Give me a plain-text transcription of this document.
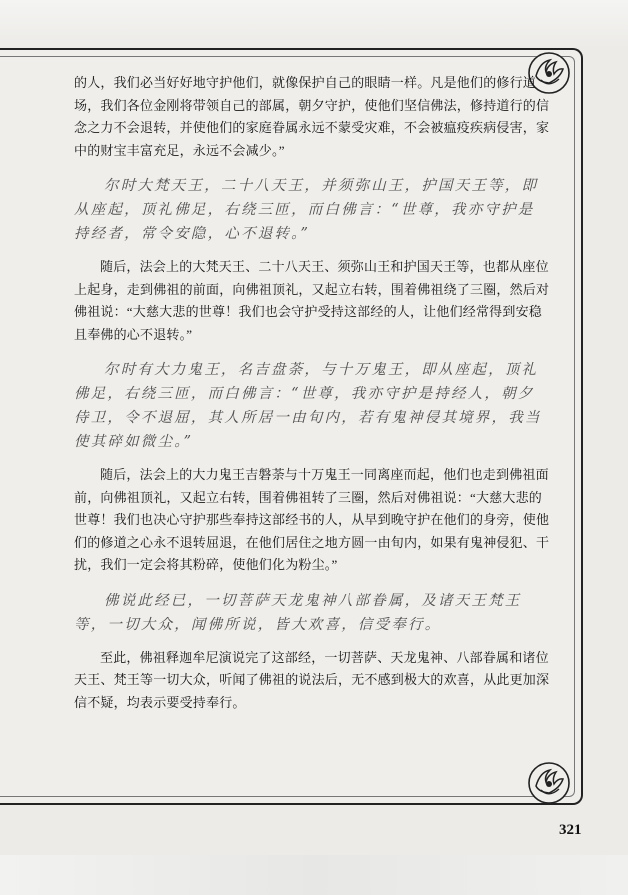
的人，我们必当好好地守护他们，就像保护自己的眼睛一样。凡是他们的修行道场，我们各位金刚将带领自己的部属，朝夕守护，使他们坚信佛法，修持道行的信念之力不会退转，并使他们的家庭眷属永远不蒙受灾难，不会被瘟疫疾病侵害，家中的财宝丰富充足，永远不会减少。”

尔时大梵天王，二十八天王，并须弥山王，护国天王等，即从座起，顶礼佛足，右绕三匝，而白佛言：“世尊，我亦守护是持经者，常令安隐，心不退转。”

随后，法会上的大梵天王、二十八天王、须弥山王和护国天王等，也都从座位上起身，走到佛祖的前面，向佛祖顶礼，又起立右转，围着佛祖绕了三圈，然后对佛祖说：“大慈大悲的世尊！我们也会守护受持这部经的人，让他们经常得到安稳且奉佛的心不退转。”

尔时有大力鬼王，名吉盘荼，与十万鬼王，即从座起，顶礼佛足，右绕三匝，而白佛言：“世尊，我亦守护是持经人，朝夕侍卫，令不退屈，其人所居一由旬内，若有鬼神侵其境界，我当使其碎如微尘。”

随后，法会上的大力鬼王吉磐荼与十万鬼王一同离座而起，他们也走到佛祖面前，向佛祖顶礼，又起立右转，围着佛祖转了三圈，然后对佛祖说：“大慈大悲的世尊！我们也决心守护那些奉持这部经书的人，从早到晚守护在他们的身旁，使他们的修道之心永不退转屈退，在他们居住之地方圆一由旬内，如果有鬼神侵犯、干扰，我们一定会将其粉碎，使他们化为粉尘。”

佛说此经已，一切菩萨天龙鬼神八部眷属，及诸天王梵王等，一切大众，闻佛所说，皆大欢喜，信受奉行。

至此，佛祖释迦牟尼演说完了这部经，一切菩萨、天龙鬼神、八部眷属和诸位天王、梵王等一切大众，听闻了佛祖的说法后，无不感到极大的欢喜，从此更加深信不疑，均表示要受持奉行。

321
